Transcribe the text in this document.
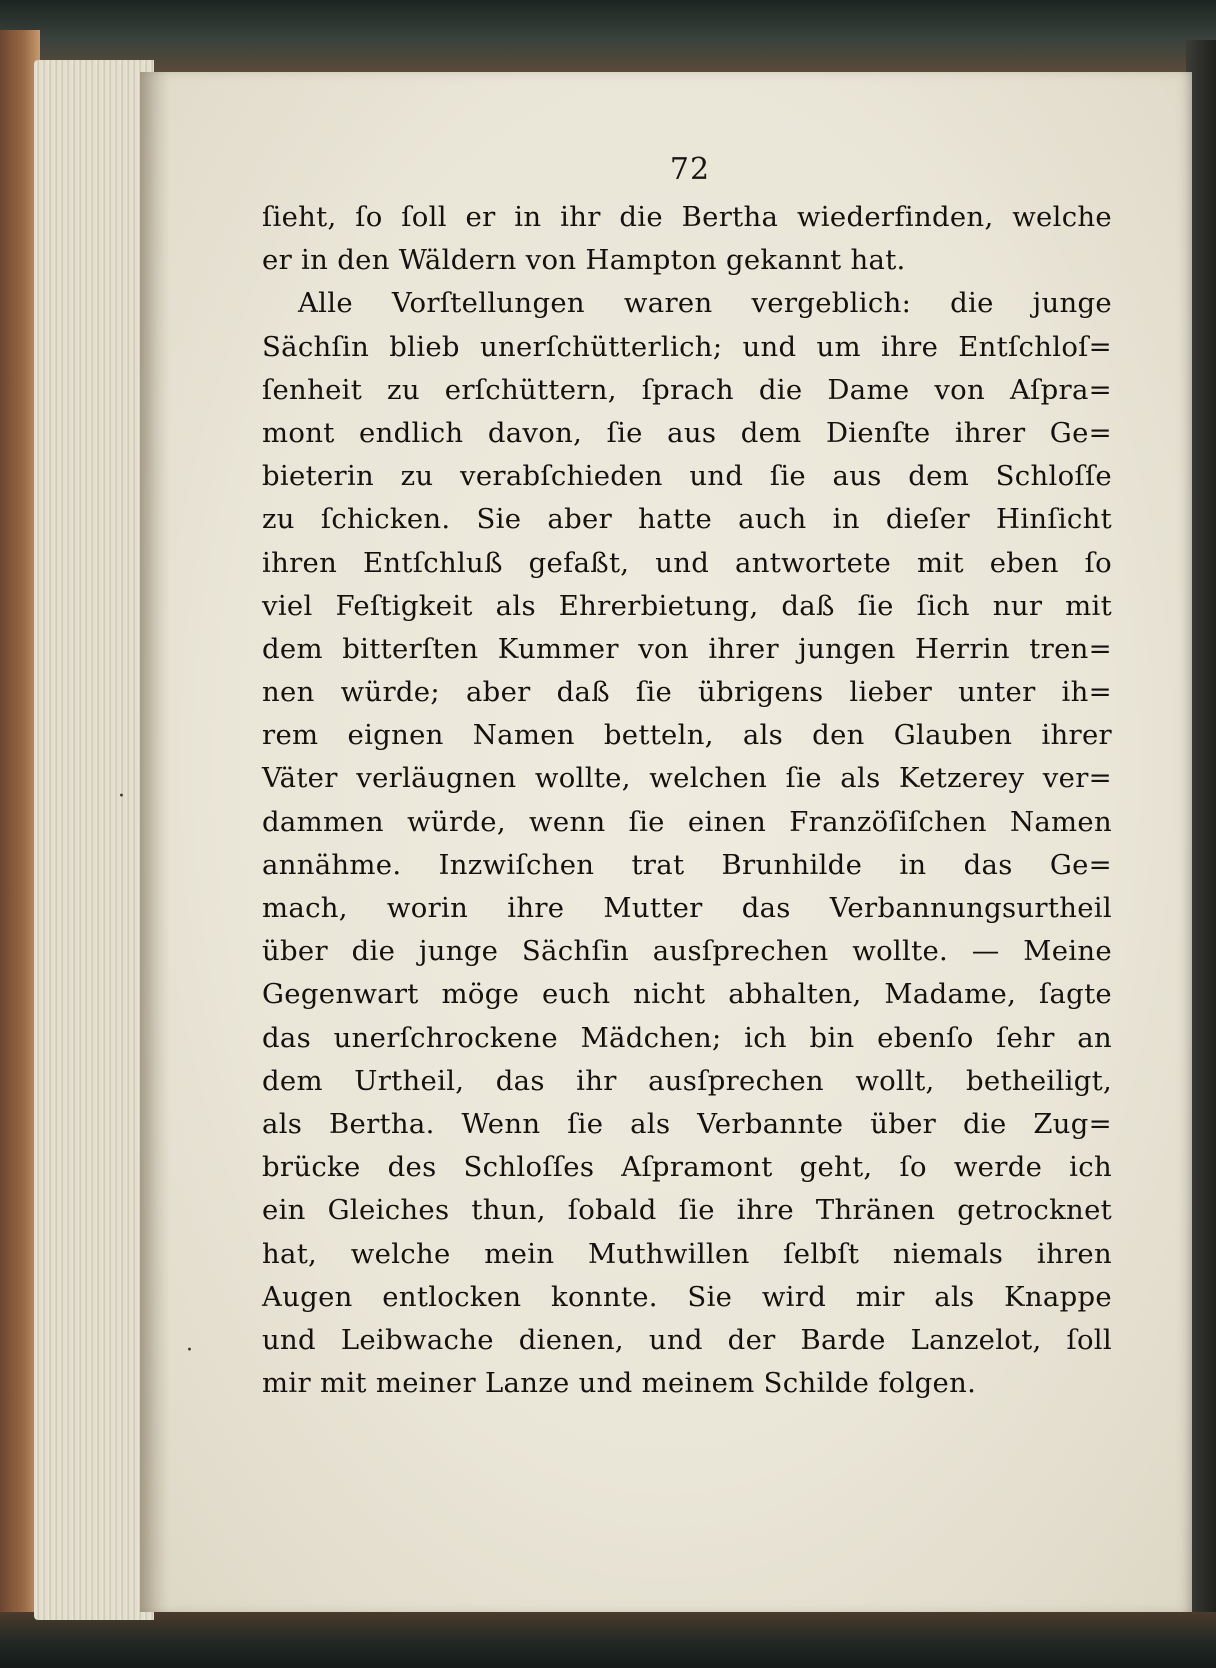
·
·
72
ſieht, ſo ſoll er in ihr die Bertha wiederfinden, welche
er in den Wäldern von Hampton gekannt hat.
Alle Vorſtellungen waren vergeblich: die junge
Sächſin blieb unerſchütterlich; und um ihre Entſchloſ=
ſenheit zu erſchüttern, ſprach die Dame von Aſpra=
mont endlich davon, ſie aus dem Dienſte ihrer Ge=
bieterin zu verabſchieden und ſie aus dem Schloſſe
zu ſchicken. Sie aber hatte auch in dieſer Hinſicht
ihren Entſchluß gefaßt, und antwortete mit eben ſo
viel Feſtigkeit als Ehrerbietung, daß ſie ſich nur mit
dem bitterſten Kummer von ihrer jungen Herrin tren=
nen würde; aber daß ſie übrigens lieber unter ih=
rem eignen Namen betteln, als den Glauben ihrer
Väter verläugnen wollte, welchen ſie als Ketzerey ver=
dammen würde, wenn ſie einen Franzöſiſchen Namen
annähme. Inzwiſchen trat Brunhilde in das Ge=
mach, worin ihre Mutter das Verbannungsurtheil
über die junge Sächſin ausſprechen wollte. — Meine
Gegenwart möge euch nicht abhalten, Madame, ſagte
das unerſchrockene Mädchen; ich bin ebenſo ſehr an
dem Urtheil, das ihr ausſprechen wollt, betheiligt,
als Bertha. Wenn ſie als Verbannte über die Zug=
brücke des Schloſſes Aſpramont geht, ſo werde ich
ein Gleiches thun, ſobald ſie ihre Thränen getrocknet
hat, welche mein Muthwillen ſelbſt niemals ihren
Augen entlocken konnte. Sie wird mir als Knappe
und Leibwache dienen, und der Barde Lanzelot, ſoll
mir mit meiner Lanze und meinem Schilde folgen.
